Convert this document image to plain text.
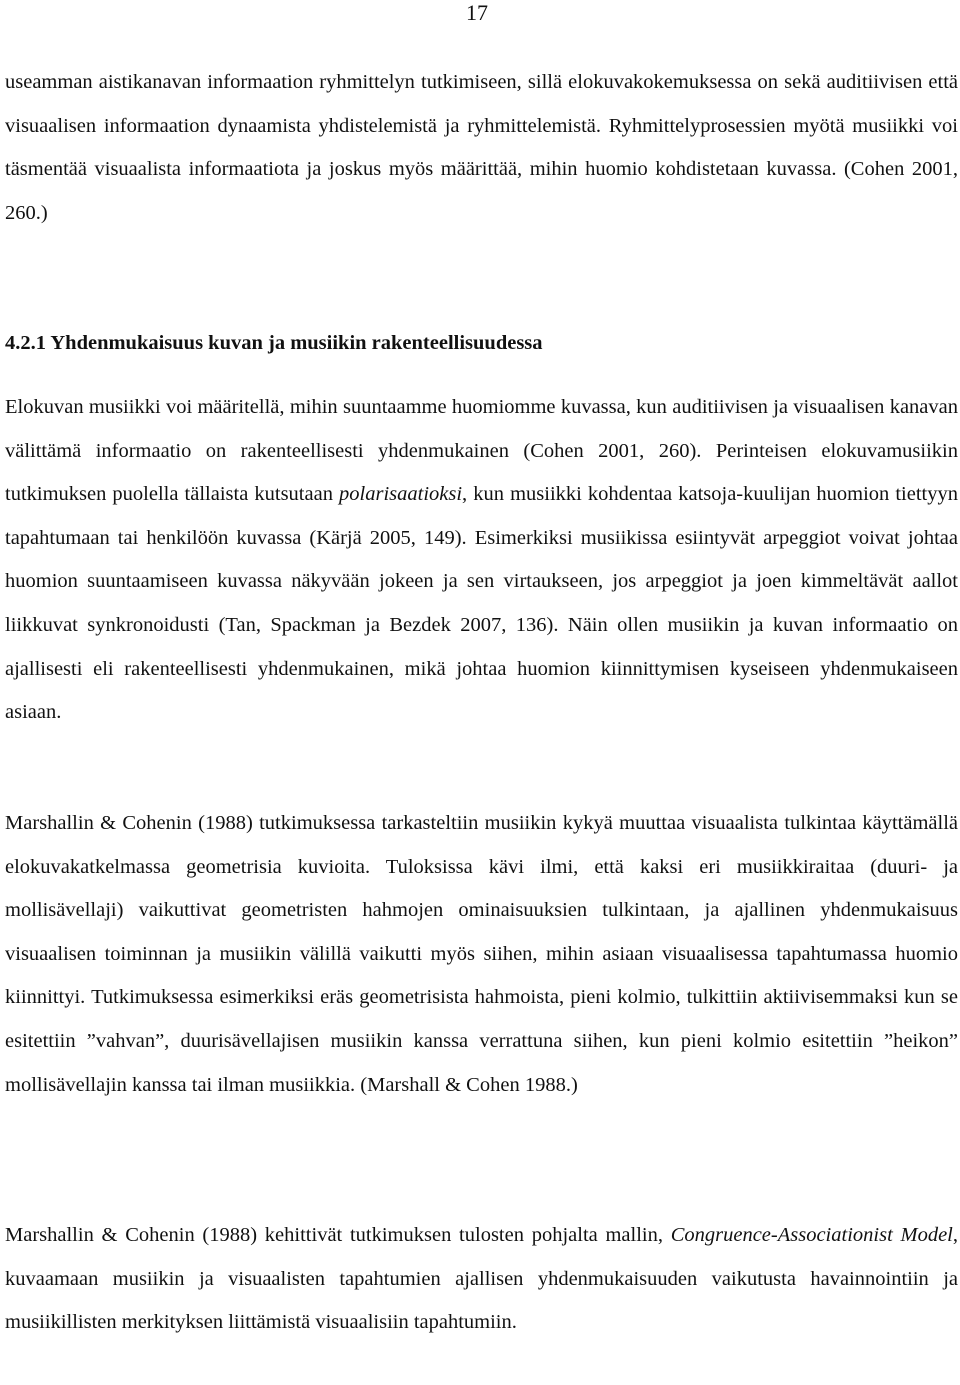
17

useamman aistikanavan informaation ryhmittelyn tutkimiseen, sillä elokuvakokemuksessa on sekä auditiivisen että visuaalisen informaation dynaamista yhdistelemistä ja ryhmittelemistä. Ryhmittelyprosessien myötä musiikki voi täsmentää visuaalista informaatiota ja joskus myös määrittää, mihin huomio kohdistetaan kuvassa. (Cohen 2001, 260.)

4.2.1 Yhdenmukaisuus kuvan ja musiikin rakenteellisuudessa

Elokuvan musiikki voi määritellä, mihin suuntaamme huomiomme kuvassa, kun auditiivisen ja visuaalisen kanavan välittämä informaatio on rakenteellisesti yhdenmukainen (Cohen 2001, 260). Perinteisen elokuvamusiikin tutkimuksen puolella tällaista kutsutaan polarisaatioksi, kun musiikki kohdentaa katsoja-kuulijan huomion tiettyyn tapahtumaan tai henkilöön kuvassa (Kärjä 2005, 149). Esimerkiksi musiikissa esiintyvät arpeggiot voivat johtaa huomion suuntaamiseen kuvassa näkyvään jokeen ja sen virtaukseen, jos arpeggiot ja joen kimmeltävät aallot liikkuvat synkronoidusti (Tan, Spackman ja Bezdek 2007, 136). Näin ollen musiikin ja kuvan informaatio on ajallisesti eli rakenteellisesti yhdenmukainen, mikä johtaa huomion kiinnittymisen kyseiseen yhdenmukaiseen asiaan.

Marshallin & Cohenin (1988) tutkimuksessa tarkasteltiin musiikin kykyä muuttaa visuaalista tulkintaa käyttämällä elokuvakatkelmassa geometrisia kuvioita. Tuloksissa kävi ilmi, että kaksi eri musiikkiraitaa (duuri- ja mollisävellaji) vaikuttivat geometristen hahmojen ominaisuuksien tulkintaan, ja ajallinen yhdenmukaisuus visuaalisen toiminnan ja musiikin välillä vaikutti myös siihen, mihin asiaan visuaalisessa tapahtumassa huomio kiinnittyi. Tutkimuksessa esimerkiksi eräs geometrisista hahmoista, pieni kolmio, tulkittiin aktiivisemmaksi kun se esitettiin ”vahvan”, duurisävellajisen musiikin kanssa verrattuna siihen, kun pieni kolmio esitettiin ”heikon” mollisävellajin kanssa tai ilman musiikkia. (Marshall & Cohen 1988.)

Marshallin & Cohenin (1988) kehittivät tutkimuksen tulosten pohjalta mallin, Congruence-Associationist Model, kuvaamaan musiikin ja visuaalisten tapahtumien ajallisen yhdenmukaisuuden vaikutusta havainnointiin ja musiikillisten merkityksen liittämistä visuaalisiin tapahtumiin.
